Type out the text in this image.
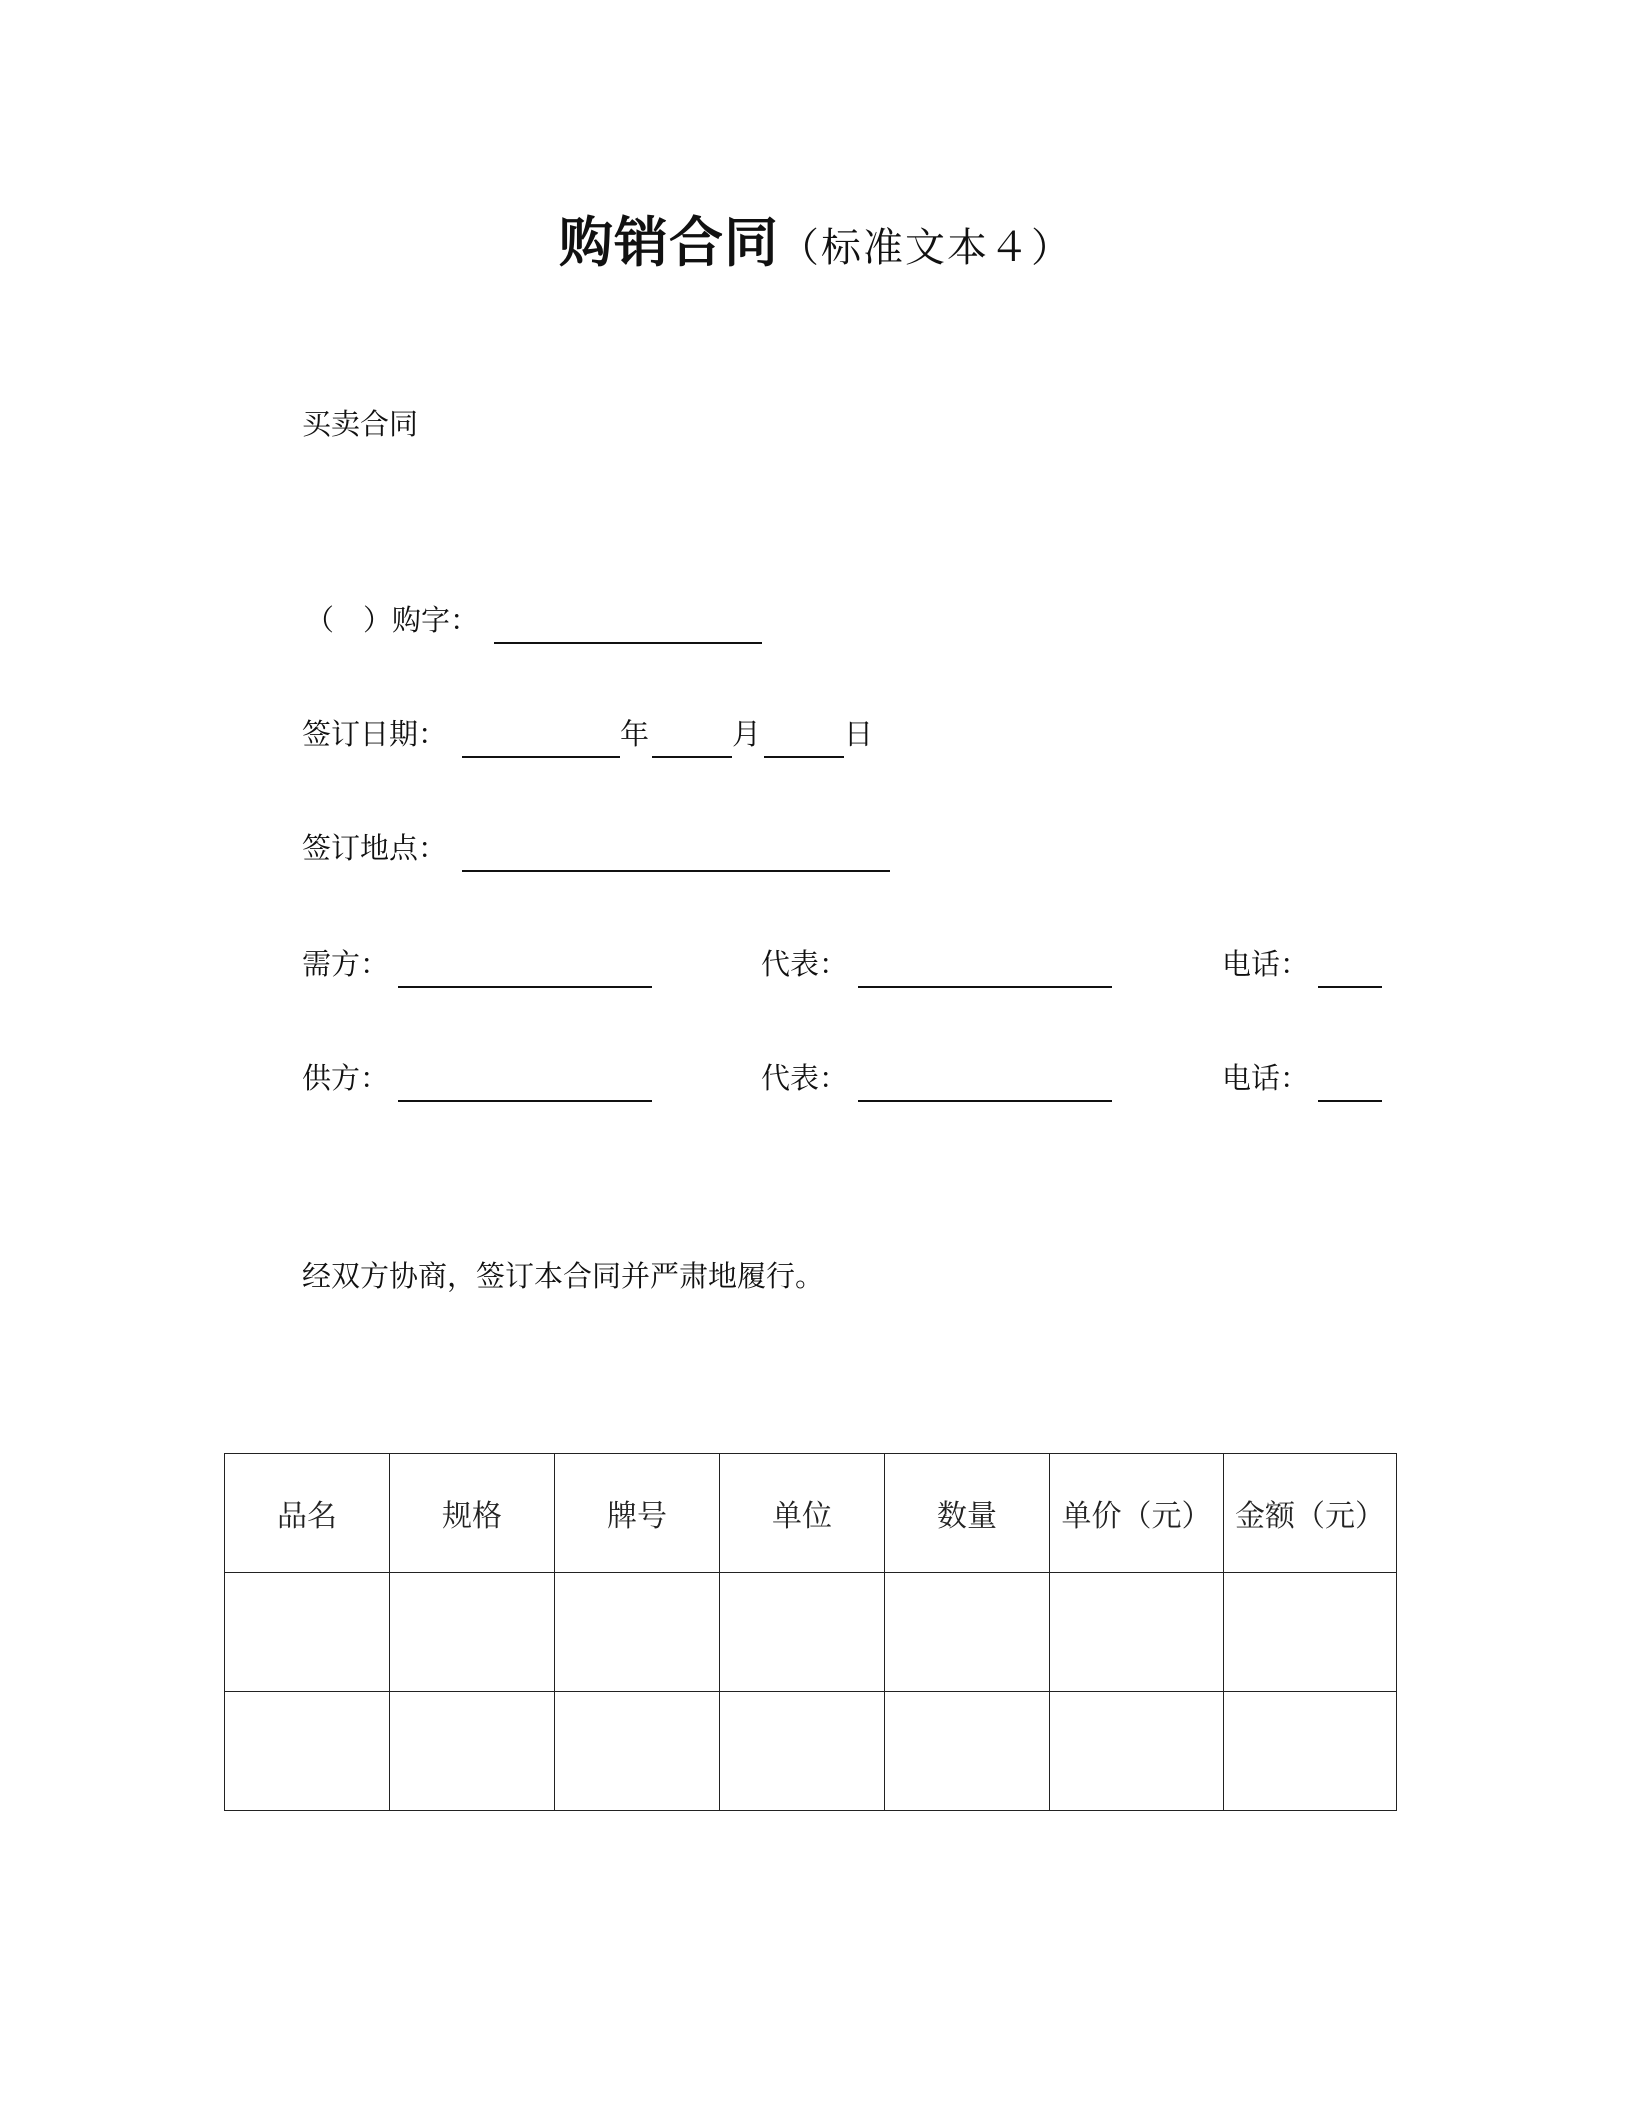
购销合同（标准文本４）
买卖合同
（　）购字：
签订日期：	年	月	日
签订地点：
需方：	代表：	电话：
供方：	代表：	电话：
经双方协商，签订本合同并严肃地履行。
品名	规格	牌号	单位	数量	单价（元）	金额（元）
